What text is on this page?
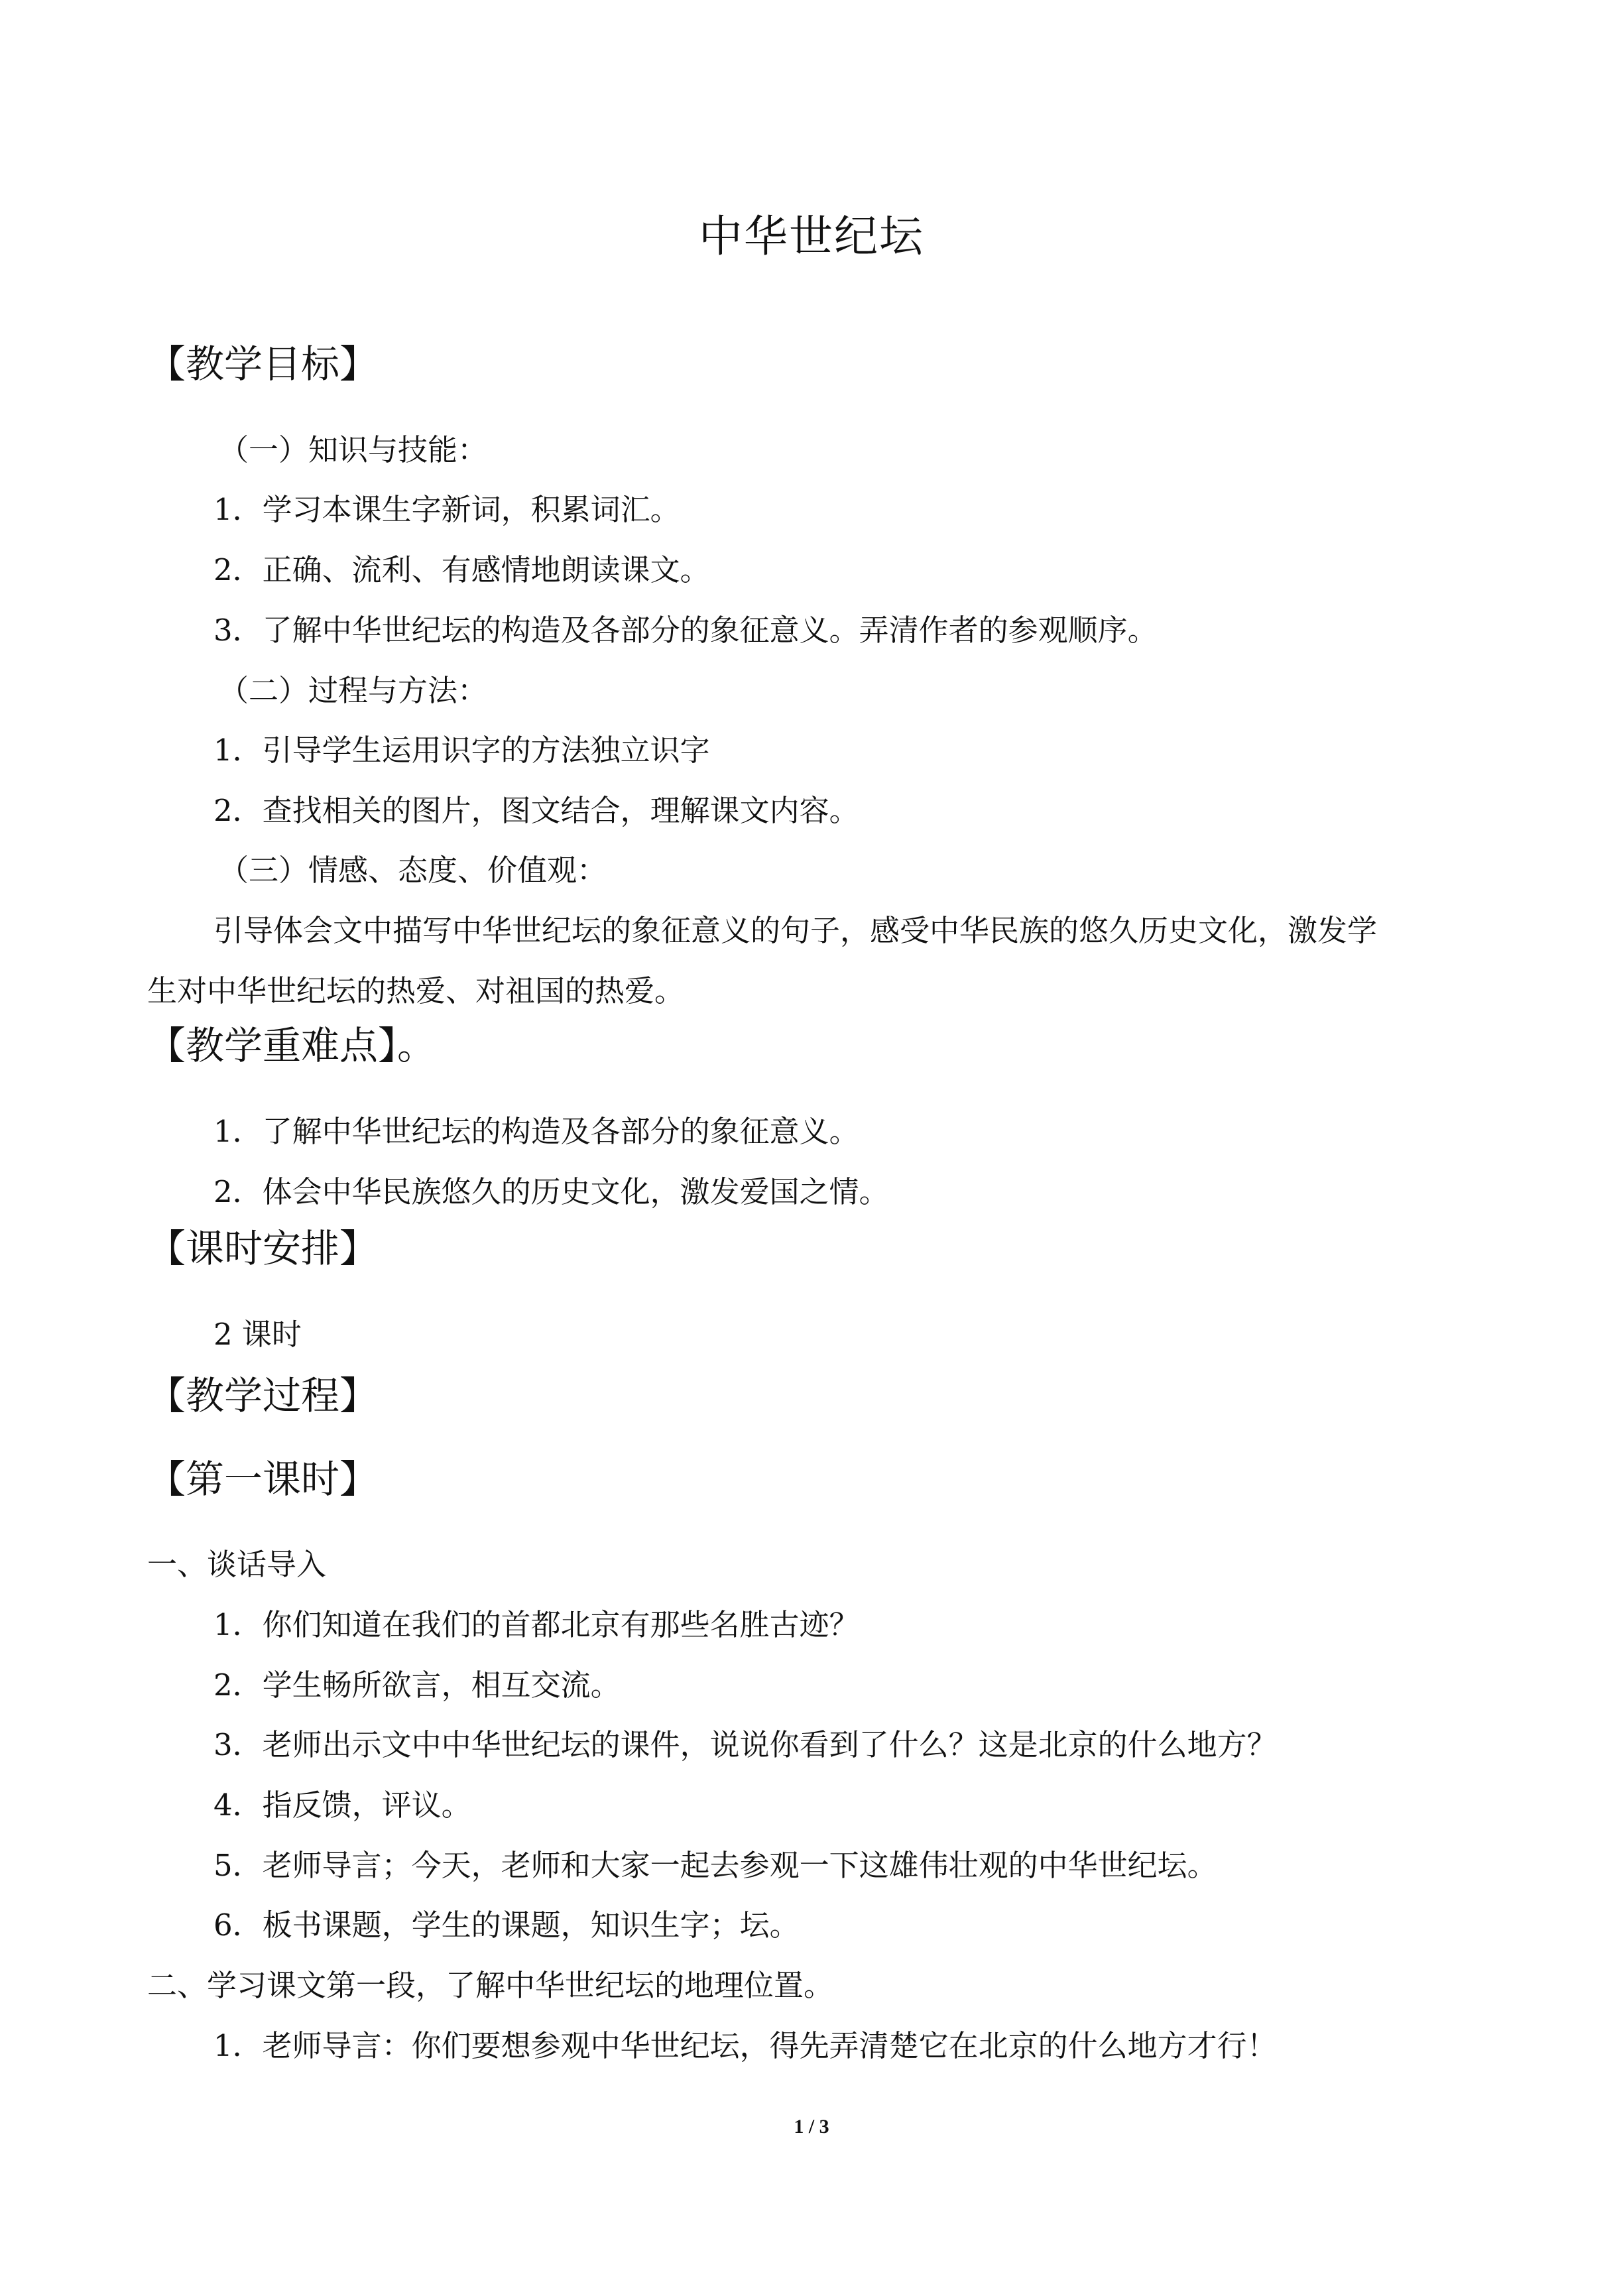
中华世纪坛
【教学目标】
（一）知识与技能：
1．学习本课生字新词，积累词汇。
2．正确、流利、有感情地朗读课文。
3．了解中华世纪坛的构造及各部分的象征意义。弄清作者的参观顺序。
（二）过程与方法：
1．引导学生运用识字的方法独立识字
2．查找相关的图片，图文结合，理解课文内容。
（三）情感、态度、价值观：
引导体会文中描写中华世纪坛的象征意义的句子，感受中华民族的悠久历史文化，激发学
生对中华世纪坛的热爱、对祖国的热爱。
【教学重难点】。
1．了解中华世纪坛的构造及各部分的象征意义。
2．体会中华民族悠久的历史文化，激发爱国之情。
【课时安排】
2 课时
【教学过程】
【第一课时】
一、谈话导入
1．你们知道在我们的首都北京有那些名胜古迹？
2．学生畅所欲言，相互交流。
3．老师出示文中中华世纪坛的课件，说说你看到了什么？这是北京的什么地方？
4．指反馈，评议。
5．老师导言；今天，老师和大家一起去参观一下这雄伟壮观的中华世纪坛。
6．板书课题，学生的课题，知识生字；坛。
二、学习课文第一段，了解中华世纪坛的地理位置。
1．老师导言：你们要想参观中华世纪坛，得先弄清楚它在北京的什么地方才行！
1 / 3
